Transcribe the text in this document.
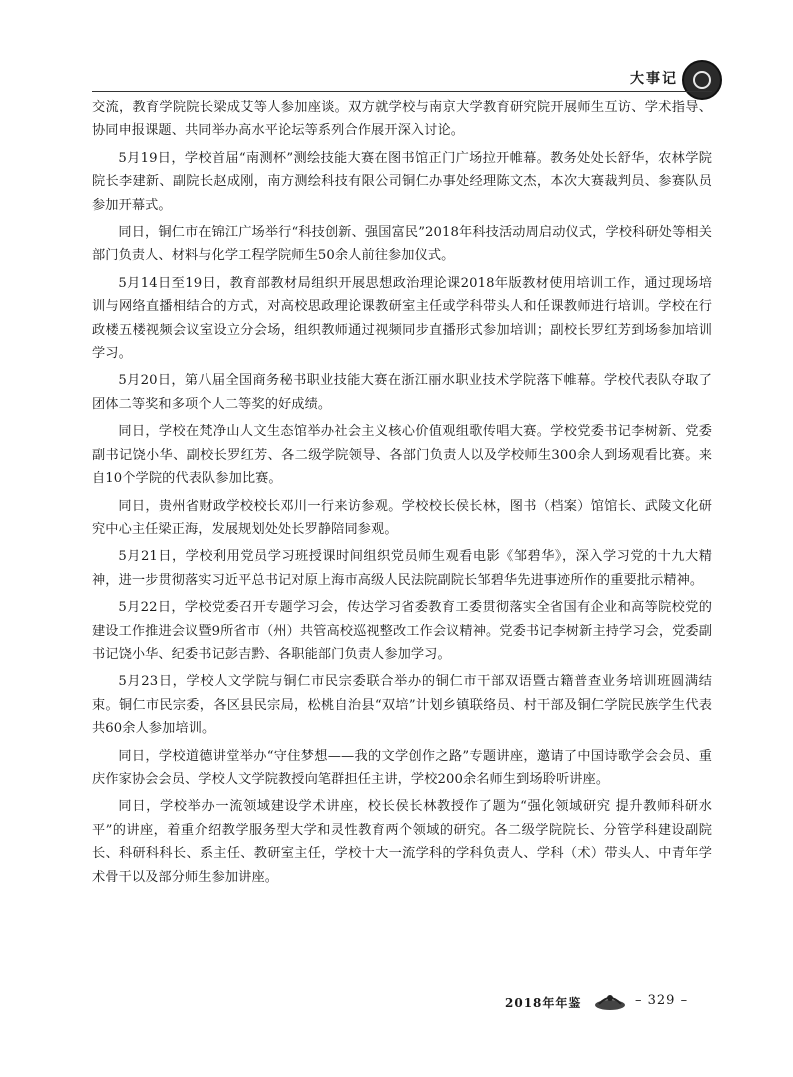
大事记

交流，教育学院院长梁成艾等人参加座谈。双方就学校与南京大学教育研究院开展师生互访、学术指导、协同申报课题、共同举办高水平论坛等系列合作展开深入讨论。

5月19日，学校首届“南测杯”测绘技能大赛在图书馆正门广场拉开帷幕。教务处处长舒华，农林学院院长李建新、副院长赵成刚，南方测绘科技有限公司铜仁办事处经理陈文杰，本次大赛裁判员、参赛队员参加开幕式。

同日，铜仁市在锦江广场举行“科技创新、强国富民”2018年科技活动周启动仪式，学校科研处等相关部门负责人、材料与化学工程学院师生50余人前往参加仪式。

5月14日至19日，教育部教材局组织开展思想政治理论课2018年版教材使用培训工作，通过现场培训与网络直播相结合的方式，对高校思政理论课教研室主任或学科带头人和任课教师进行培训。学校在行政楼五楼视频会议室设立分会场，组织教师通过视频同步直播形式参加培训；副校长罗红芳到场参加培训学习。

5月20日，第八届全国商务秘书职业技能大赛在浙江丽水职业技术学院落下帷幕。学校代表队夺取了团体二等奖和多项个人二等奖的好成绩。

同日，学校在梵净山人文生态馆举办社会主义核心价值观组歌传唱大赛。学校党委书记李树新、党委副书记饶小华、副校长罗红芳、各二级学院领导、各部门负责人以及学校师生300余人到场观看比赛。来自10个学院的代表队参加比赛。

同日，贵州省财政学校校长邓川一行来访参观。学校校长侯长林，图书（档案）馆馆长、武陵文化研究中心主任梁正海，发展规划处处长罗静陪同参观。

5月21日，学校利用党员学习班授课时间组织党员师生观看电影《邹碧华》，深入学习党的十九大精神，进一步贯彻落实习近平总书记对原上海市高级人民法院副院长邹碧华先进事迹所作的重要批示精神。

5月22日，学校党委召开专题学习会，传达学习省委教育工委贯彻落实全省国有企业和高等院校党的建设工作推进会议暨9所省市（州）共管高校巡视整改工作会议精神。党委书记李树新主持学习会，党委副书记饶小华、纪委书记彭吉黔、各职能部门负责人参加学习。

5月23日，学校人文学院与铜仁市民宗委联合举办的铜仁市干部双语暨古籍普查业务培训班圆满结束。铜仁市民宗委，各区县民宗局，松桃自治县“双培”计划乡镇联络员、村干部及铜仁学院民族学生代表共60余人参加培训。

同日，学校道德讲堂举办“守住梦想——我的文学创作之路”专题讲座，邀请了中国诗歌学会会员、重庆作家协会会员、学校人文学院教授向笔群担任主讲，学校200余名师生到场聆听讲座。

同日，学校举办一流领域建设学术讲座，校长侯长林教授作了题为“强化领域研究 提升教师科研水平”的讲座，着重介绍教学服务型大学和灵性教育两个领域的研究。各二级学院院长、分管学科建设副院长、科研科科长、系主任、教研室主任，学校十大一流学科的学科负责人、学科（术）带头人、中青年学术骨干以及部分师生参加讲座。

2018年年鉴	– 329 –
